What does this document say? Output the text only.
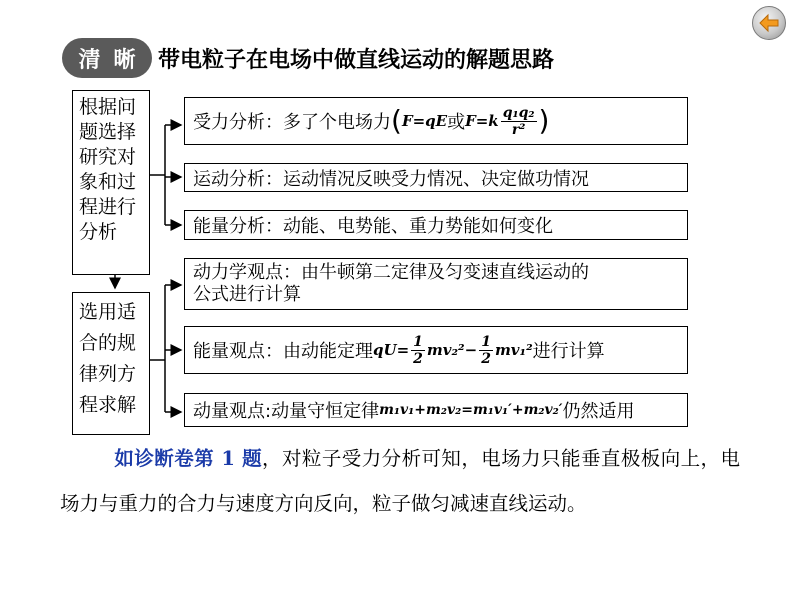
清 晰 带电粒子在电场中做直线运动的解题思路
根据问
题选择
研究对
象和过
程进行
分析
选用适
合的规
律列方
程求解
受力分析：多了个电场力 ( F=qE 或 $F=k \frac{\text{q₁q₂}}{\text{r²}}$ )
运动分析：运动情况反映受力情况、决定做功情况
能量分析：动能、电势能、重力势能如何变化
动力学观点：由牛顿第二定律及匀变速直线运动的
公式进行计算
能量观点：由动能定理 $qU= \frac{1}{2} mv_2^2- \frac{1}{2} mv_1^2$ 进行计算
动量观点:动量守恒定律 m₁v₁+m₂v₂=m₁v₁′+m₂v₂′ 仍然适用
如诊断卷第 1 题，对粒子受力分析可知，电场力只能垂直极板向上，电场力与重力的合力与速度方向反向，粒子做匀减速直线运动。
